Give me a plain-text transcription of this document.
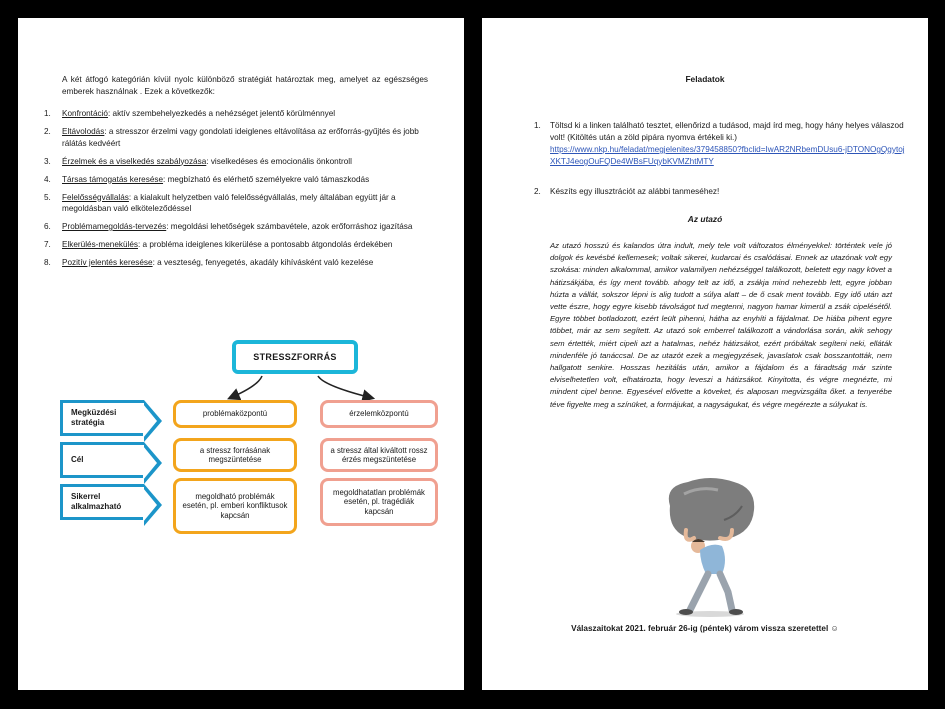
A két átfogó kategórián kívül nyolc különböző stratégiát határoztak meg, amelyet az egészséges emberek használnak . Ezek a következők:
1. Konfrontáció: aktív szembehelyezkedés a nehézséget jelentő körülménnyel
2. Eltávolodás: a stresszor érzelmi vagy gondolati ideiglenes eltávolítása az erőforrás-gyűjtés és jobb rálátás kedvéért
3. Érzelmek és a viselkedés szabályozása: viselkedéses és emocionális önkontroll
4. Társas támogatás keresése: megbízható és elérhető személyekre való támaszkodás
5. Felelősségvállalás: a kialakult helyzetben való felelősségvállalás, mely általában együtt jár a megoldásban való elköteleződéssel
6. Problémamegoldás-tervezés: megoldási lehetőségek számbavétele, azok erőforráshoz igazítása
7. Elkerülés-menekülés: a probléma ideiglenes kikerülése a pontosabb átgondolás érdekében
8. Pozitív jelentés keresése: a veszteség, fenyegetés, akadály kihívásként való kezelése
STRESSZFORRÁS
Megküzdési stratégia
Cél
Sikerrel alkalmazható
problémaközpontú
a stressz forrásának megszüntetése
megoldható problémák esetén, pl. emberi konfliktusok kapcsán
érzelemközpontú
a stressz által kiváltott rossz érzés megszüntetése
megoldhatatlan problémák esetén, pl. tragédiák kapcsán
Feladatok
1. Töltsd ki a linken található tesztet, ellenőrizd a tudásod, majd írd meg, hogy hány helyes válaszod volt! (Kitöltés után a zöld pipára nyomva értékeli ki.)
https://www.nkp.hu/feladat/megjelenites/379458850?fbclid=IwAR2NRbemDUsu6-jDTONOgQgytojXKTJ4eogOuFQDe4WBsFUqybKVMZhtMTY
2. Készíts egy illusztrációt az alábbi tanmeséhez!
Az utazó
Az utazó hosszú és kalandos útra indult, mely tele volt változatos élményekkel: történtek vele jó dolgok és kevésbé kellemesek; voltak sikerei, kudarcai és csalódásai. Ennek az utazónak volt egy szokása: minden alkalommal, amikor valamilyen nehézséggel találkozott, beletett egy nagy követ a hátizsákjába, és így ment tovább. ahogy telt az idő, a zsákja mind nehezebb lett, egyre jobban húzta a vállát, sokszor lépni is alig tudott a súlya alatt – de ő csak ment tovább. Egy idő után azt vette észre, hogy egyre kisebb távolságot tud megtenni, nagyon hamar kimerül a zsák cipelésétől. Egyre többet botladozott, ezért leült pihenni, hátha az enyhíti a fájdalmat. De hiába pihent egyre többet, már az sem segített. Az utazó sok emberrel találkozott a vándorlása során, akik sehogy sem értették, miért cipeli azt a hatalmas, nehéz hátizsákot, ezért próbáltak segíteni neki, elláták mindenféle jó tanáccsal. De az utazót ezek a megjegyzések, javaslatok csak bosszantották, nem hallgatott senkire. Hosszas hezitálás után, amikor a fájdalom és a fáradtság már szinte elviselhetetlen volt, elhatározta, hogy leveszi a hátizsákot. Kinyitotta, és végre megnézte, mi mindent cipel benne. Egyesével elővette a köveket, és alaposan megvizsgálta őket. a tenyerébe téve figyelte meg a színüket, a formájukat, a nagyságukat, és végre megérezte a súlyukat is.
Válaszaitokat 2021. február 26-ig (péntek) várom vissza szeretettel ☺
